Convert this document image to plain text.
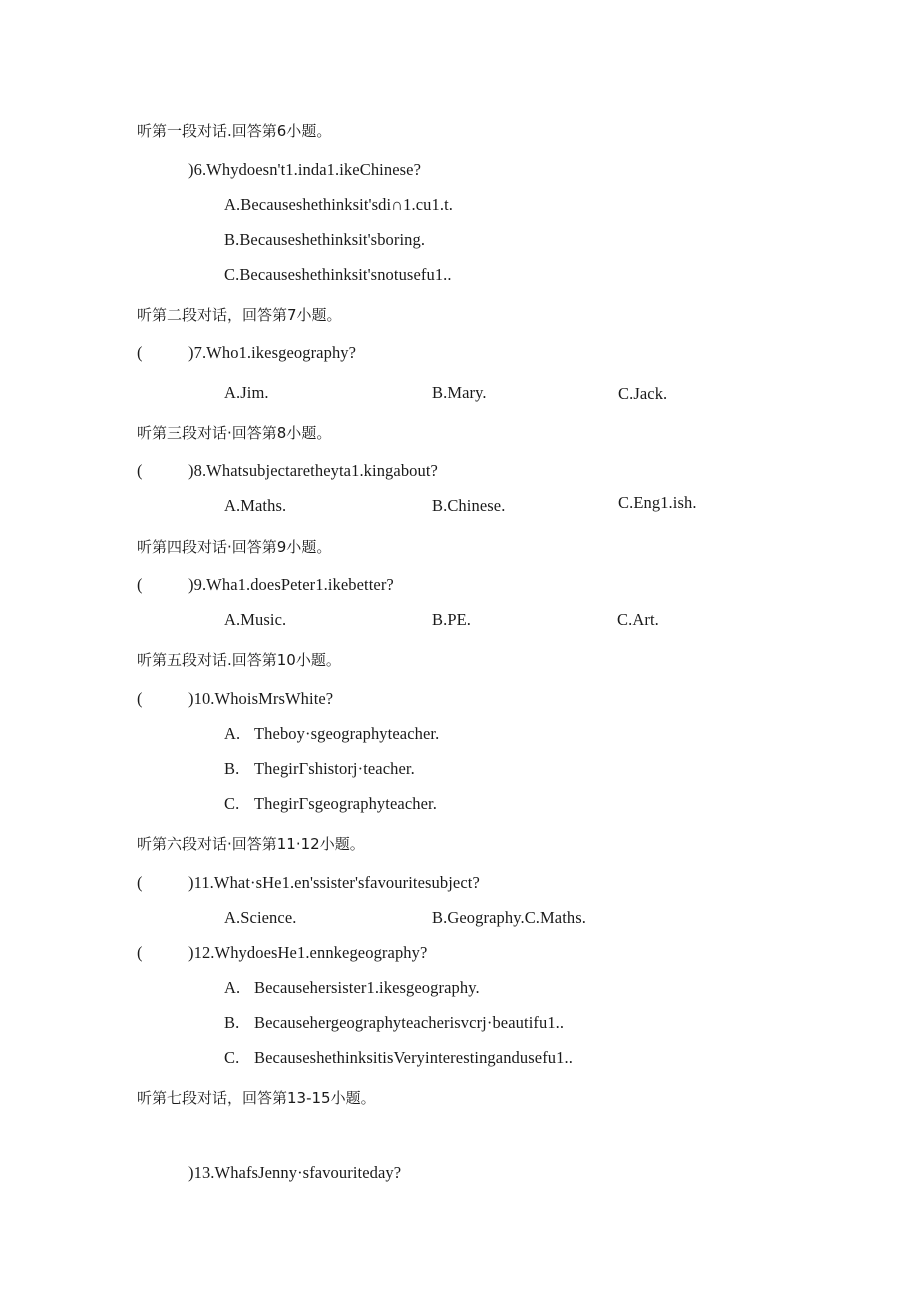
听第一段对话.回答第6小题。
)6.Whydoesn't1.inda1.ikeChinese?
A.Becauseshethinksit'sdi∩1.cu1.t.
B.Becauseshethinksit'sboring.
C.Becauseshethinksit'snotusefu1..
听第二段对话，回答第7小题。
(	)7.Who1.ikesgeography?
A.Jim.	B.Mary.	C.Jack.
听第三段对话·回答第8小题。
(	)8.Whatsubjectaretheyta1.kingabout?
A.Maths.	B.Chinese.	C.Eng1.ish.
听第四段对话·回答第9小题。
(	)9.Wha1.doesPeter1.ikebetter?
A.Music.	B.PE.	C.Art.
听第五段对话.回答第10小题。
(	)10.WhoisMrsWhite?
A. Theboy·sgeographyteacher.
B. ThegirΓshistorj·teacher.
C. ThegirΓsgeographyteacher.
听第六段对话·回答第11·12小题。
(	)11.What·sHe1.en'ssister'sfavouritesubject?
A.Science.	B.Geography.C.Maths.
(	)12.WhydoesHe1.ennkegeography?
A. Becausehersister1.ikesgeography.
B. Becausehergeographyteacherisvcrj·beautifu1..
C. BecauseshethinksitisVeryinterestingandusefu1..
听第七段对话，回答第13-15小题。
)13.WhafsJenny·sfavouriteday?
